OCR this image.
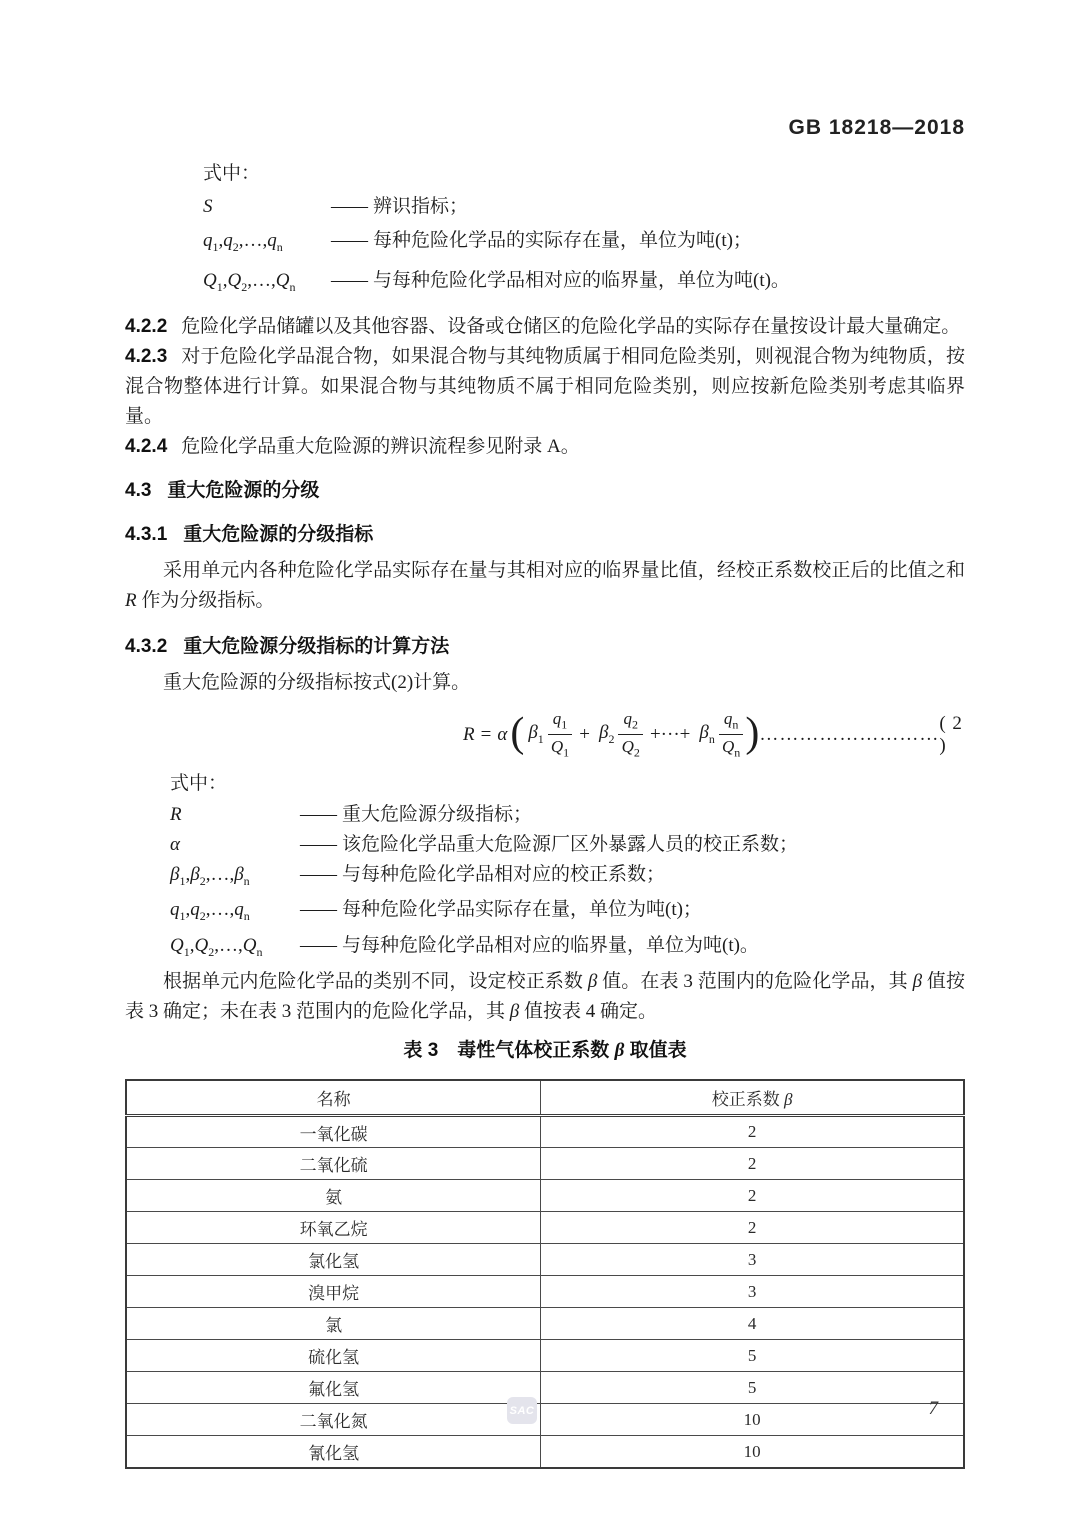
GB 18218—2018
式中：
S	—— 辨识指标；
$q_1,q_2,\dots,q_n$	—— 每种危险化学品的实际存在量，单位为吨(t)；
$Q_1,Q_2,\dots,Q_n$	—— 与每种危险化学品相对应的临界量，单位为吨(t)。

4.2.2 危险化学品储罐以及其他容器、设备或仓储区的危险化学品的实际存在量按设计最大量确定。

4.2.3 对于危险化学品混合物，如果混合物与其纯物质属于相同危险类别，则视混合物为纯物质，按混合物整体进行计算。如果混合物与其纯物质不属于相同危险类别，则应按新危险类别考虑其临界量。

4.2.4 危险化学品重大危险源的辨识流程参见附录 A。

4.3 重大危险源的分级
4.3.1 重大危险源的分级指标

采用单元内各种危险化学品实际存在量与其相对应的临界量比值，经校正系数校正后的比值之和 R 作为分级指标。

4.3.2 重大危险源分级指标的计算方法

重大危险源的分级指标按式(2)计算。

R = α ( $\beta_1 \frac{q_1}{Q_1} + \beta_2 \frac{q_2}{Q_2}$ +···+ $\beta_n \frac{q_n}{Q_n}$ ) ………………………
( 2 )
式中：
R	—— 重大危险源分级指标；
α	—— 该危险化学品重大危险源厂区外暴露人员的校正系数；
$\beta_1,\beta_2,\dots,\beta_n$	—— 与每种危险化学品相对应的校正系数；
$q_1,q_2,\dots,q_n$	—— 每种危险化学品实际存在量，单位为吨(t)；
$Q_1,Q_2,\dots,Q_n$	—— 与每种危险化学品相对应的临界量，单位为吨(t)。

根据单元内危险化学品的类别不同，设定校正系数 β 值。在表 3 范围内的危险化学品，其 β 值按表 3 确定；未在表 3 范围内的危险化学品，其 β 值按表 4 确定。

表 3　毒性气体校正系数 β 取值表
名称	校正系数 β
一氧化碳	2
二氧化硫	2
氨	2
环氧乙烷	2
氯化氢	3
溴甲烷	3
氯	4
硫化氢	5
氟化氢	5
二氧化氮	10
氰化氢	10
SAC	7
